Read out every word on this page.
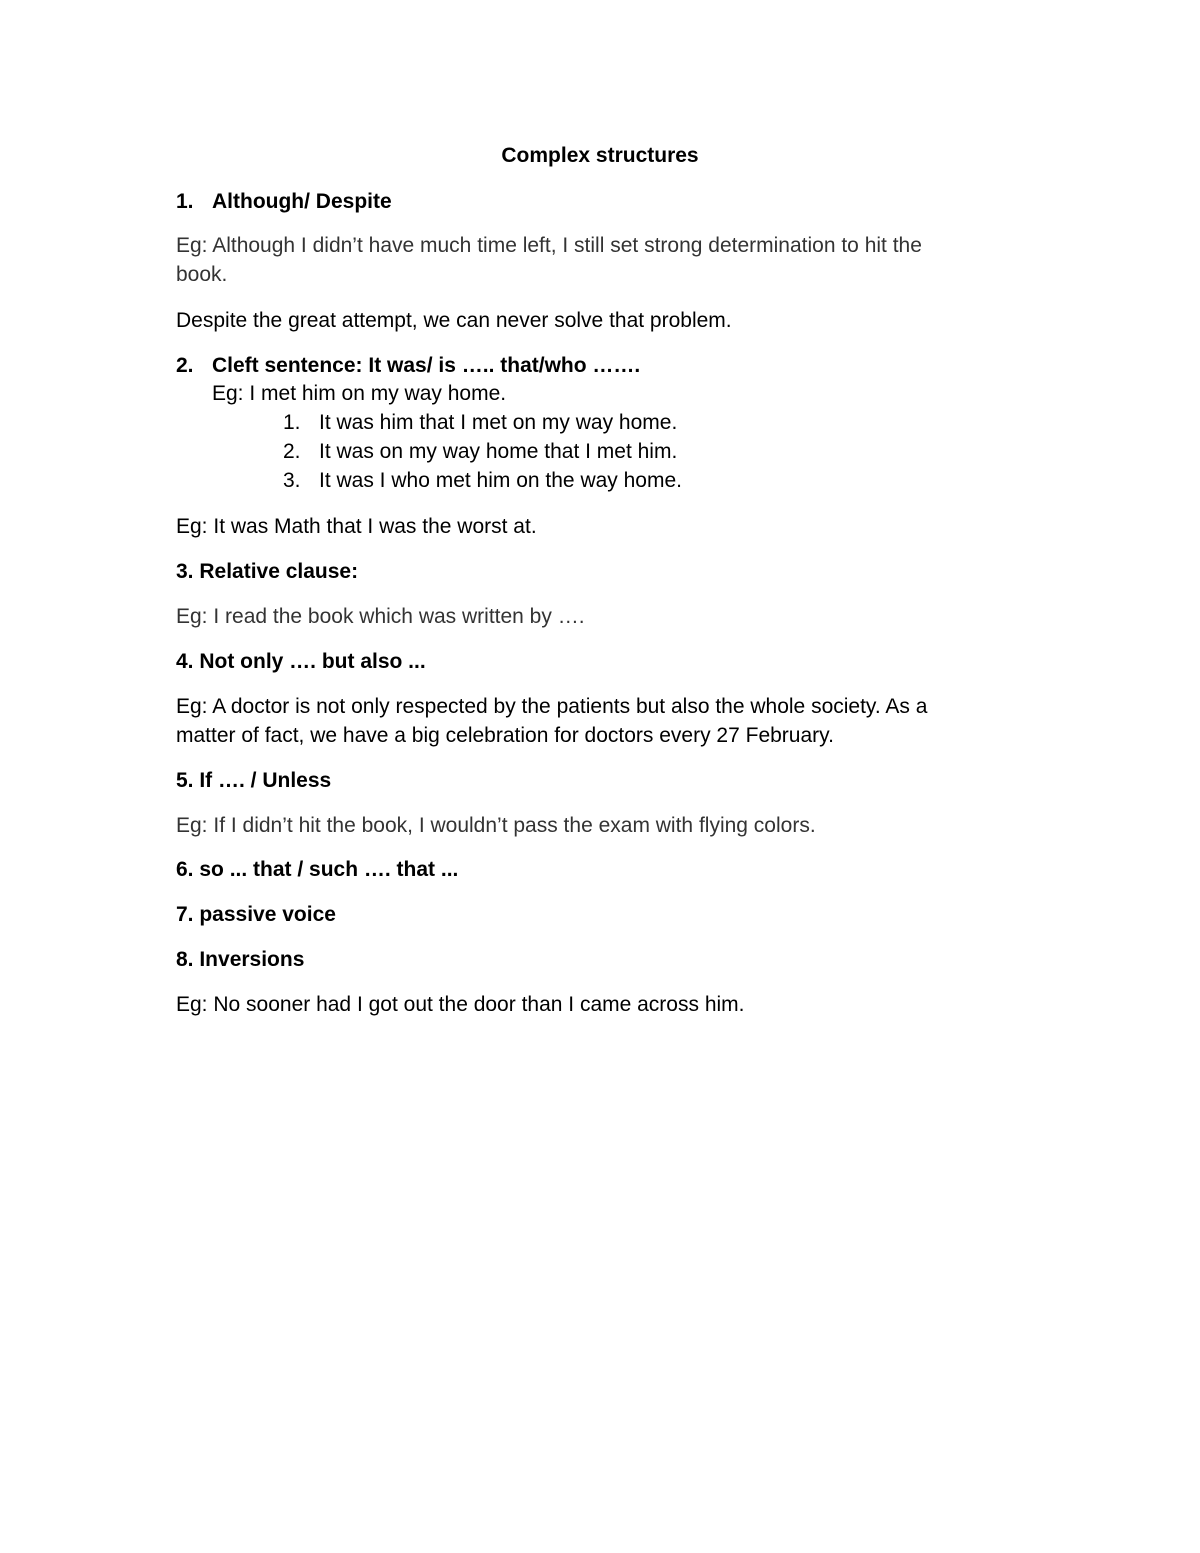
Complex structures

1. Although/ Despite

Eg: Although I didn’t have much time left, I still set strong determination to hit the

book.

Despite the great attempt, we can never solve that problem.

2. Cleft sentence: It was/ is ….. that/who …….

Eg: I met him on my way home.

1. It was him that I met on my way home.

2. It was on my way home that I met him.

3. It was I who met him on the way home.

Eg: It was Math that I was the worst at.

3. Relative clause:

Eg: I read the book which was written by ….

4. Not only …. but also ...

Eg: A doctor is not only respected by the patients but also the whole society. As a

matter of fact, we have a big celebration for doctors every 27 February.

5. If …. / Unless

Eg: If I didn’t hit the book, I wouldn’t pass the exam with flying colors.

6. so ... that / such …. that ...

7. passive voice

8. Inversions

Eg: No sooner had I got out the door than I came across him.
